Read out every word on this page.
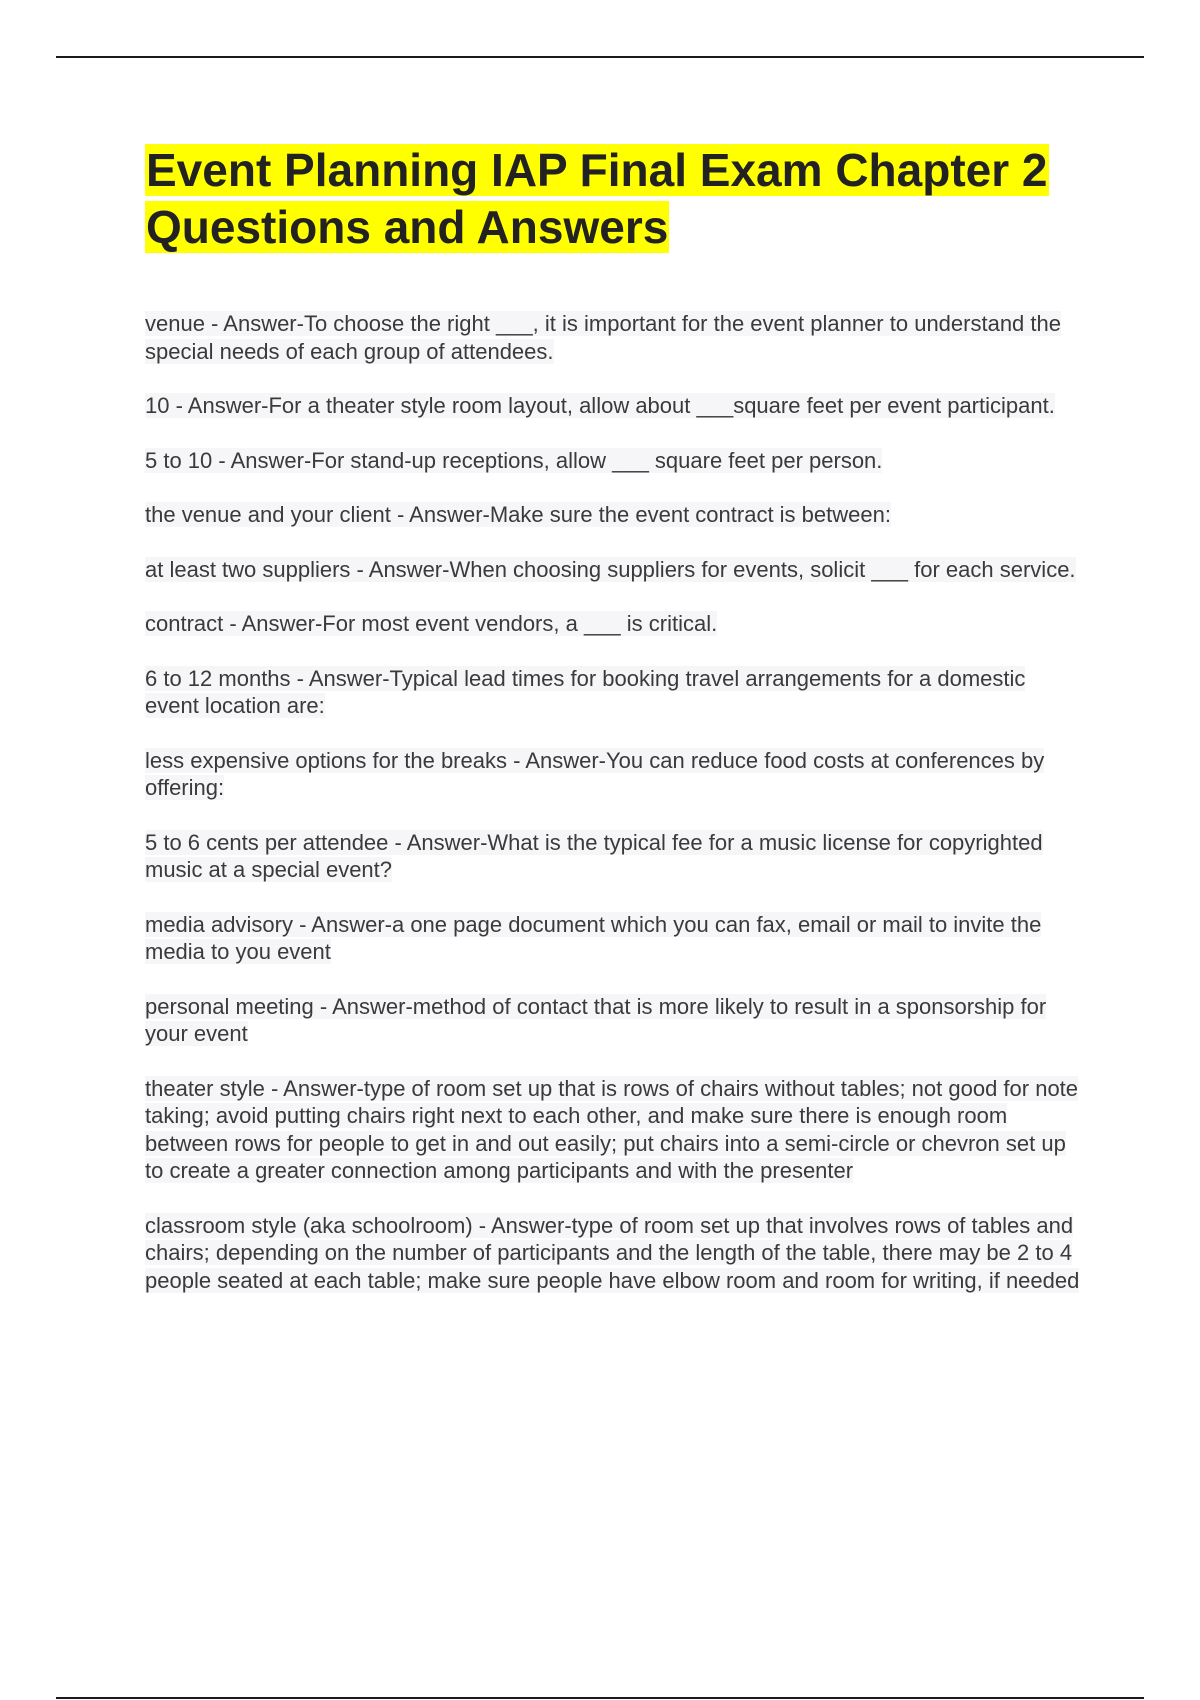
Event Planning IAP Final Exam Chapter 2 Questions and Answers
venue - Answer-To choose the right ___, it is important for the event planner to understand the special needs of each group of attendees.
10 - Answer-For a theater style room layout, allow about ___square feet per event participant.
5 to 10 - Answer-For stand-up receptions, allow ___ square feet per person.
the venue and your client - Answer-Make sure the event contract is between:
at least two suppliers - Answer-When choosing suppliers for events, solicit ___ for each service.
contract - Answer-For most event vendors, a ___ is critical.
6 to 12 months - Answer-Typical lead times for booking travel arrangements for a domestic event location are:
less expensive options for the breaks - Answer-You can reduce food costs at conferences by offering:
5 to 6 cents per attendee - Answer-What is the typical fee for a music license for copyrighted music at a special event?
media advisory - Answer-a one page document which you can fax, email or mail to invite the media to you event
personal meeting - Answer-method of contact that is more likely to result in a sponsorship for your event
theater style - Answer-type of room set up that is rows of chairs without tables; not good for note taking; avoid putting chairs right next to each other, and make sure there is enough room between rows for people to get in and out easily; put chairs into a semi-circle or chevron set up to create a greater connection among participants and with the presenter
classroom style (aka schoolroom) - Answer-type of room set up that involves rows of tables and chairs; depending on the number of participants and the length of the table, there may be 2 to 4 people seated at each table; make sure people have elbow room and room for writing, if needed
